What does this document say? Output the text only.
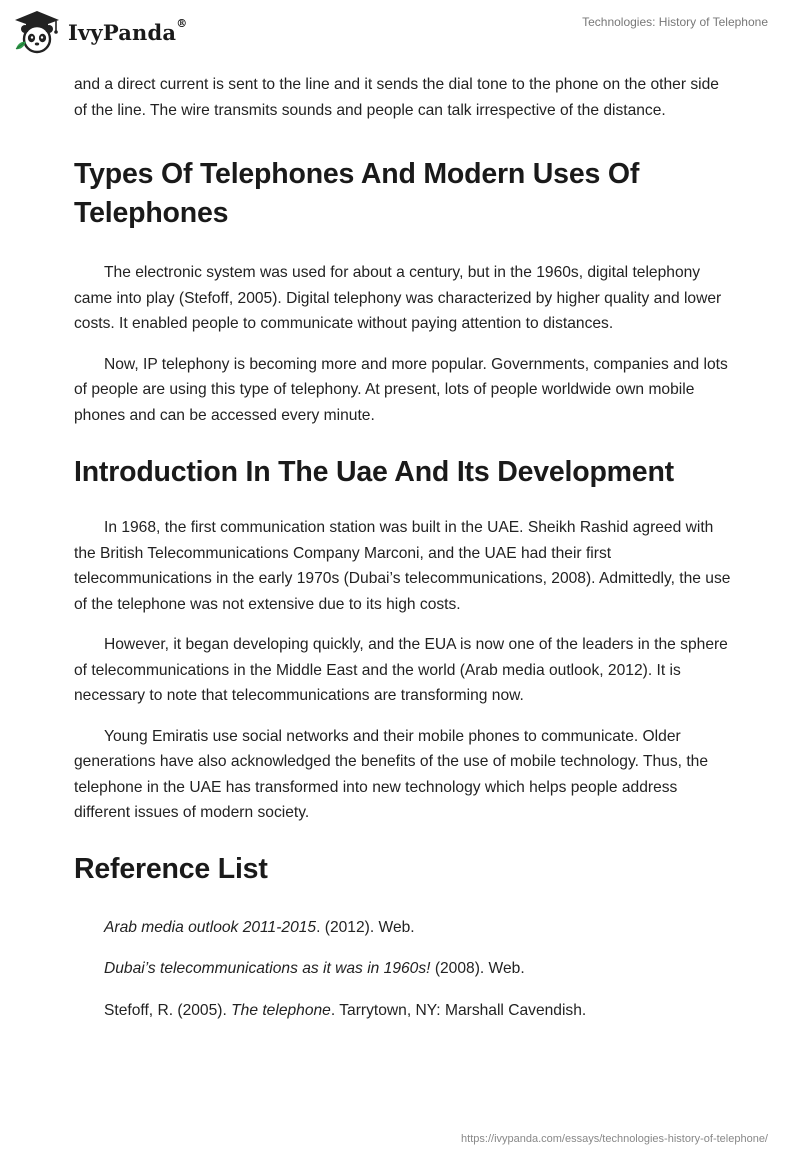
IvyPanda®	Technologies: History of Telephone

and a direct current is sent to the line and it sends the dial tone to the phone on the other side of the line. The wire transmits sounds and people can talk irrespective of the distance.

Types Of Telephones And Modern Uses Of Telephones

The electronic system was used for about a century, but in the 1960s, digital telephony came into play (Stefoff, 2005). Digital telephony was characterized by higher quality and lower costs. It enabled people to communicate without paying attention to distances.

Now, IP telephony is becoming more and more popular. Governments, companies and lots of people are using this type of telephony. At present, lots of people worldwide own mobile phones and can be accessed every minute.

Introduction In The Uae And Its Development

In 1968, the first communication station was built in the UAE. Sheikh Rashid agreed with the British Telecommunications Company Marconi, and the UAE had their first telecommunications in the early 1970s (Dubai’s telecommunications, 2008). Admittedly, the use of the telephone was not extensive due to its high costs.

However, it began developing quickly, and the EUA is now one of the leaders in the sphere of telecommunications in the Middle East and the world (Arab media outlook, 2012). It is necessary to note that telecommunications are transforming now.

Young Emiratis use social networks and their mobile phones to communicate. Older generations have also acknowledged the benefits of the use of mobile technology. Thus, the telephone in the UAE has transformed into new technology which helps people address different issues of modern society.

Reference List

Arab media outlook 2011-2015. (2012). Web.

Dubai’s telecommunications as it was in 1960s! (2008). Web.

Stefoff, R. (2005). The telephone. Tarrytown, NY: Marshall Cavendish.

https://ivypanda.com/essays/technologies-history-of-telephone/
